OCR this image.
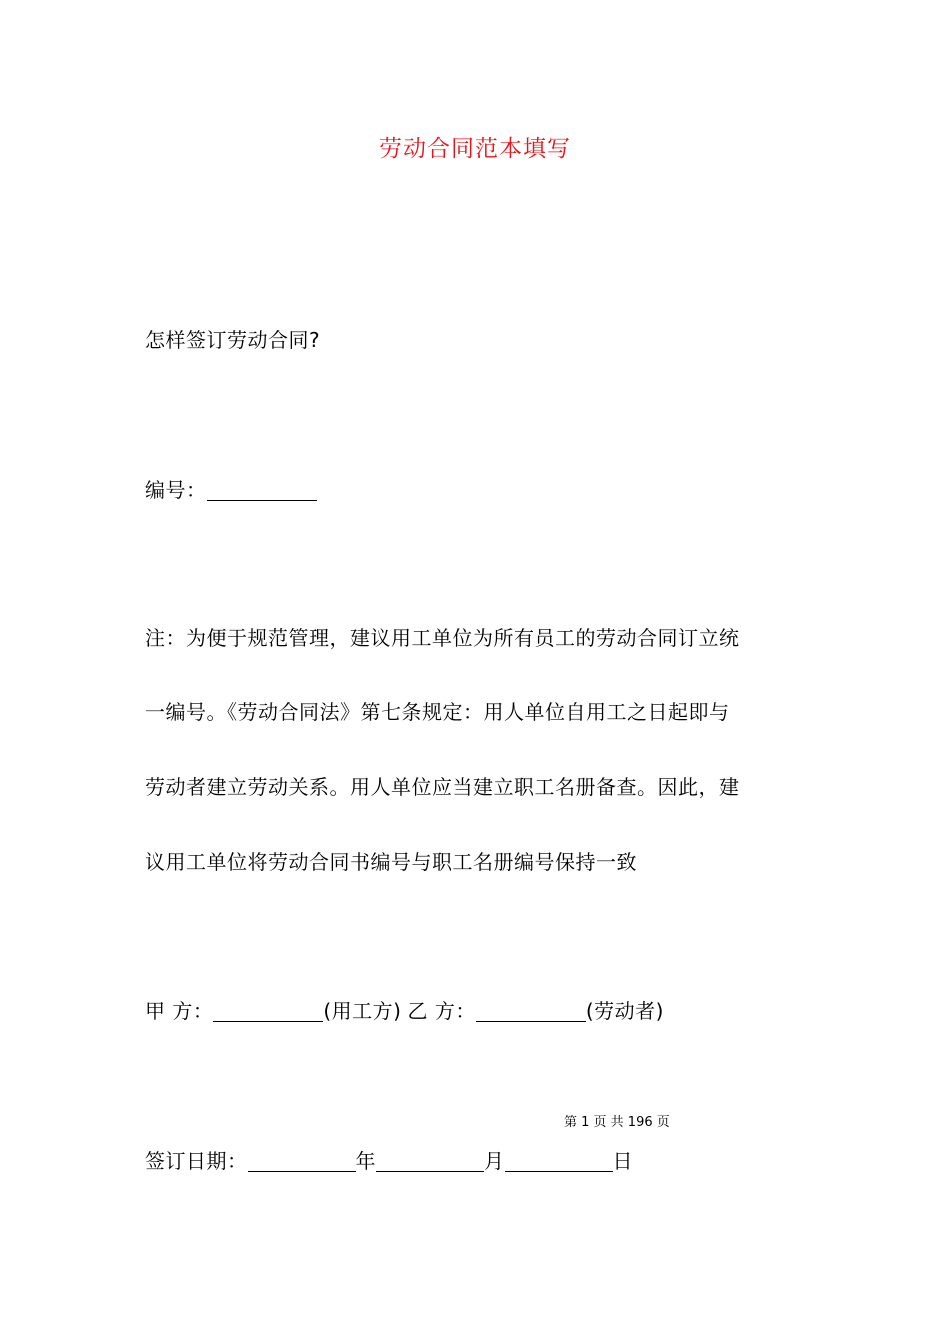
劳动合同范本填写
怎样签订劳动合同?
编号：
注：为便于规范管理，建议用工单位为所有员工的劳动合同订立统
一编号。《劳动合同法》第七条规定：用人单位自用工之日起即与
劳动者建立劳动关系。用人单位应当建立职工名册备查。因此，建
议用工单位将劳动合同书编号与职工名册编号保持一致
甲 方：	(用工方) 乙 方：	(劳动者)
第 1 页 共 196 页
签订日期：	年	月	日
